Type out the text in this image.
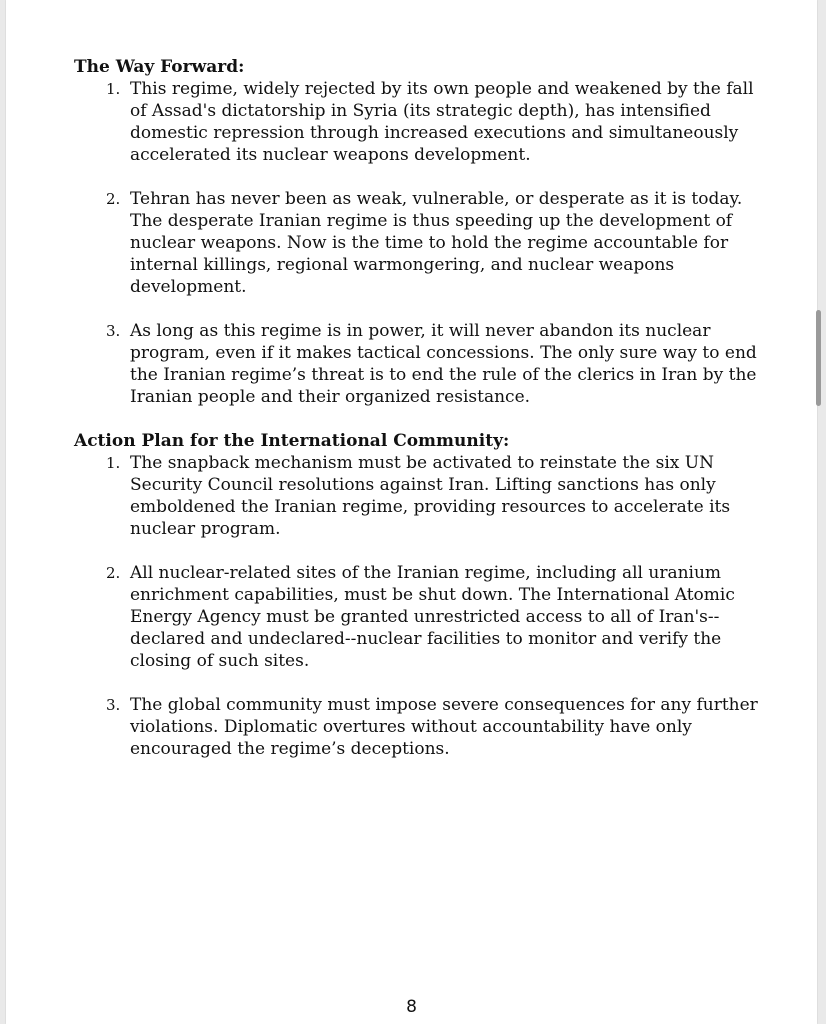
The Way Forward:
1. This regime, widely rejected by its own people and weakened by the fall of Assad's dictatorship in Syria (its strategic depth), has intensified domestic repression through increased executions and simultaneously accelerated its nuclear weapons development.
2. Tehran has never been as weak, vulnerable, or desperate as it is today. The desperate Iranian regime is thus speeding up the development of nuclear weapons. Now is the time to hold the regime accountable for internal killings, regional warmongering, and nuclear weapons development.
3. As long as this regime is in power, it will never abandon its nuclear program, even if it makes tactical concessions. The only sure way to end the Iranian regime’s threat is to end the rule of the clerics in Iran by the Iranian people and their organized resistance.
Action Plan for the International Community:
1. The snapback mechanism must be activated to reinstate the six UN Security Council resolutions against Iran. Lifting sanctions has only emboldened the Iranian regime, providing resources to accelerate its nuclear program.
2. All nuclear-related sites of the Iranian regime, including all uranium enrichment capabilities, must be shut down. The International Atomic Energy Agency must be granted unrestricted access to all of Iran's--declared and undeclared--nuclear facilities to monitor and verify the closing of such sites.
3. The global community must impose severe consequences for any further violations. Diplomatic overtures without accountability have only encouraged the regime’s deceptions.
8
